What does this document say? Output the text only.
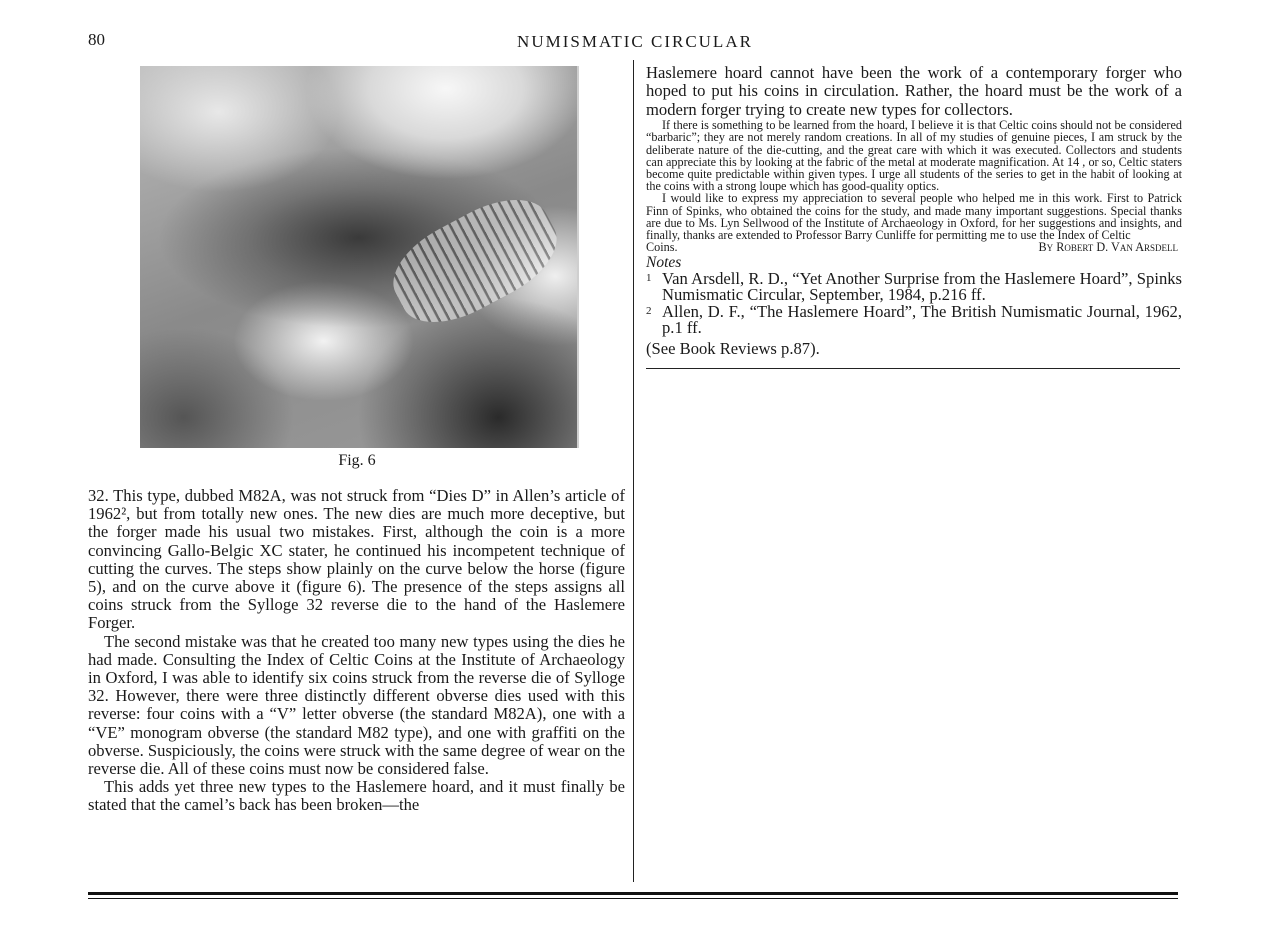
80	NUMISMATIC CIRCULAR
Fig. 6

32. This type, dubbed M82A, was not struck from “Dies D” in Allen’s article of 1962², but from totally new ones. The new dies are much more deceptive, but the forger made his usual two mistakes. First, although the coin is a more convincing Gallo-Belgic XC stater, he continued his incompetent technique of cutting the curves. The steps show plainly on the curve below the horse (figure 5), and on the curve above it (figure 6). The presence of the steps assigns all coins struck from the Sylloge 32 reverse die to the hand of the Haslemere Forger.

The second mistake was that he created too many new types using the dies he had made. Consulting the Index of Celtic Coins at the Institute of Archaeology in Oxford, I was able to identify six coins struck from the reverse die of Sylloge 32. However, there were three distinctly different obverse dies used with this reverse: four coins with a “V” letter obverse (the standard M82A), one with a “VE” monogram obverse (the standard M82 type), and one with graffiti on the obverse. Suspiciously, the coins were struck with the same degree of wear on the reverse die. All of these coins must now be considered false.

This adds yet three new types to the Haslemere hoard, and it must finally be stated that the camel’s back has been broken—the

Haslemere hoard cannot have been the work of a contemporary forger who hoped to put his coins in circulation. Rather, the hoard must be the work of a modern forger trying to create new types for collectors.

If there is something to be learned from the hoard, I believe it is that Celtic coins should not be considered “barbaric”; they are not merely random creations. In all of my studies of genuine pieces, I am struck by the deliberate nature of the die-cutting, and the great care with which it was executed. Collectors and students can appreciate this by looking at the fabric of the metal at moderate magnification. At 14 , or so, Celtic staters become quite predictable within given types. I urge all students of the series to get in the habit of looking at the coins with a strong loupe which has good-quality optics.

I would like to express my appreciation to several people who helped me in this work. First to Patrick Finn of Spinks, who obtained the coins for the study, and made many important suggestions. Special thanks are due to Ms. Lyn Sellwood of the Institute of Archaeology in Oxford, for her suggestions and insights, and finally, thanks are extended to Professor Barry Cunliffe for permitting me to use the Index of Celtic

Coins.	By Robert D. Van Arsdell
Notes
1 Van Arsdell, R. D., “Yet Another Surprise from the Haslemere Hoard”, Spinks Numismatic Circular, September, 1984, p.216 ff.
2 Allen, D. F., “The Haslemere Hoard”, The British Numismatic Journal, 1962, p.1 ff.
(See Book Reviews p.87).
